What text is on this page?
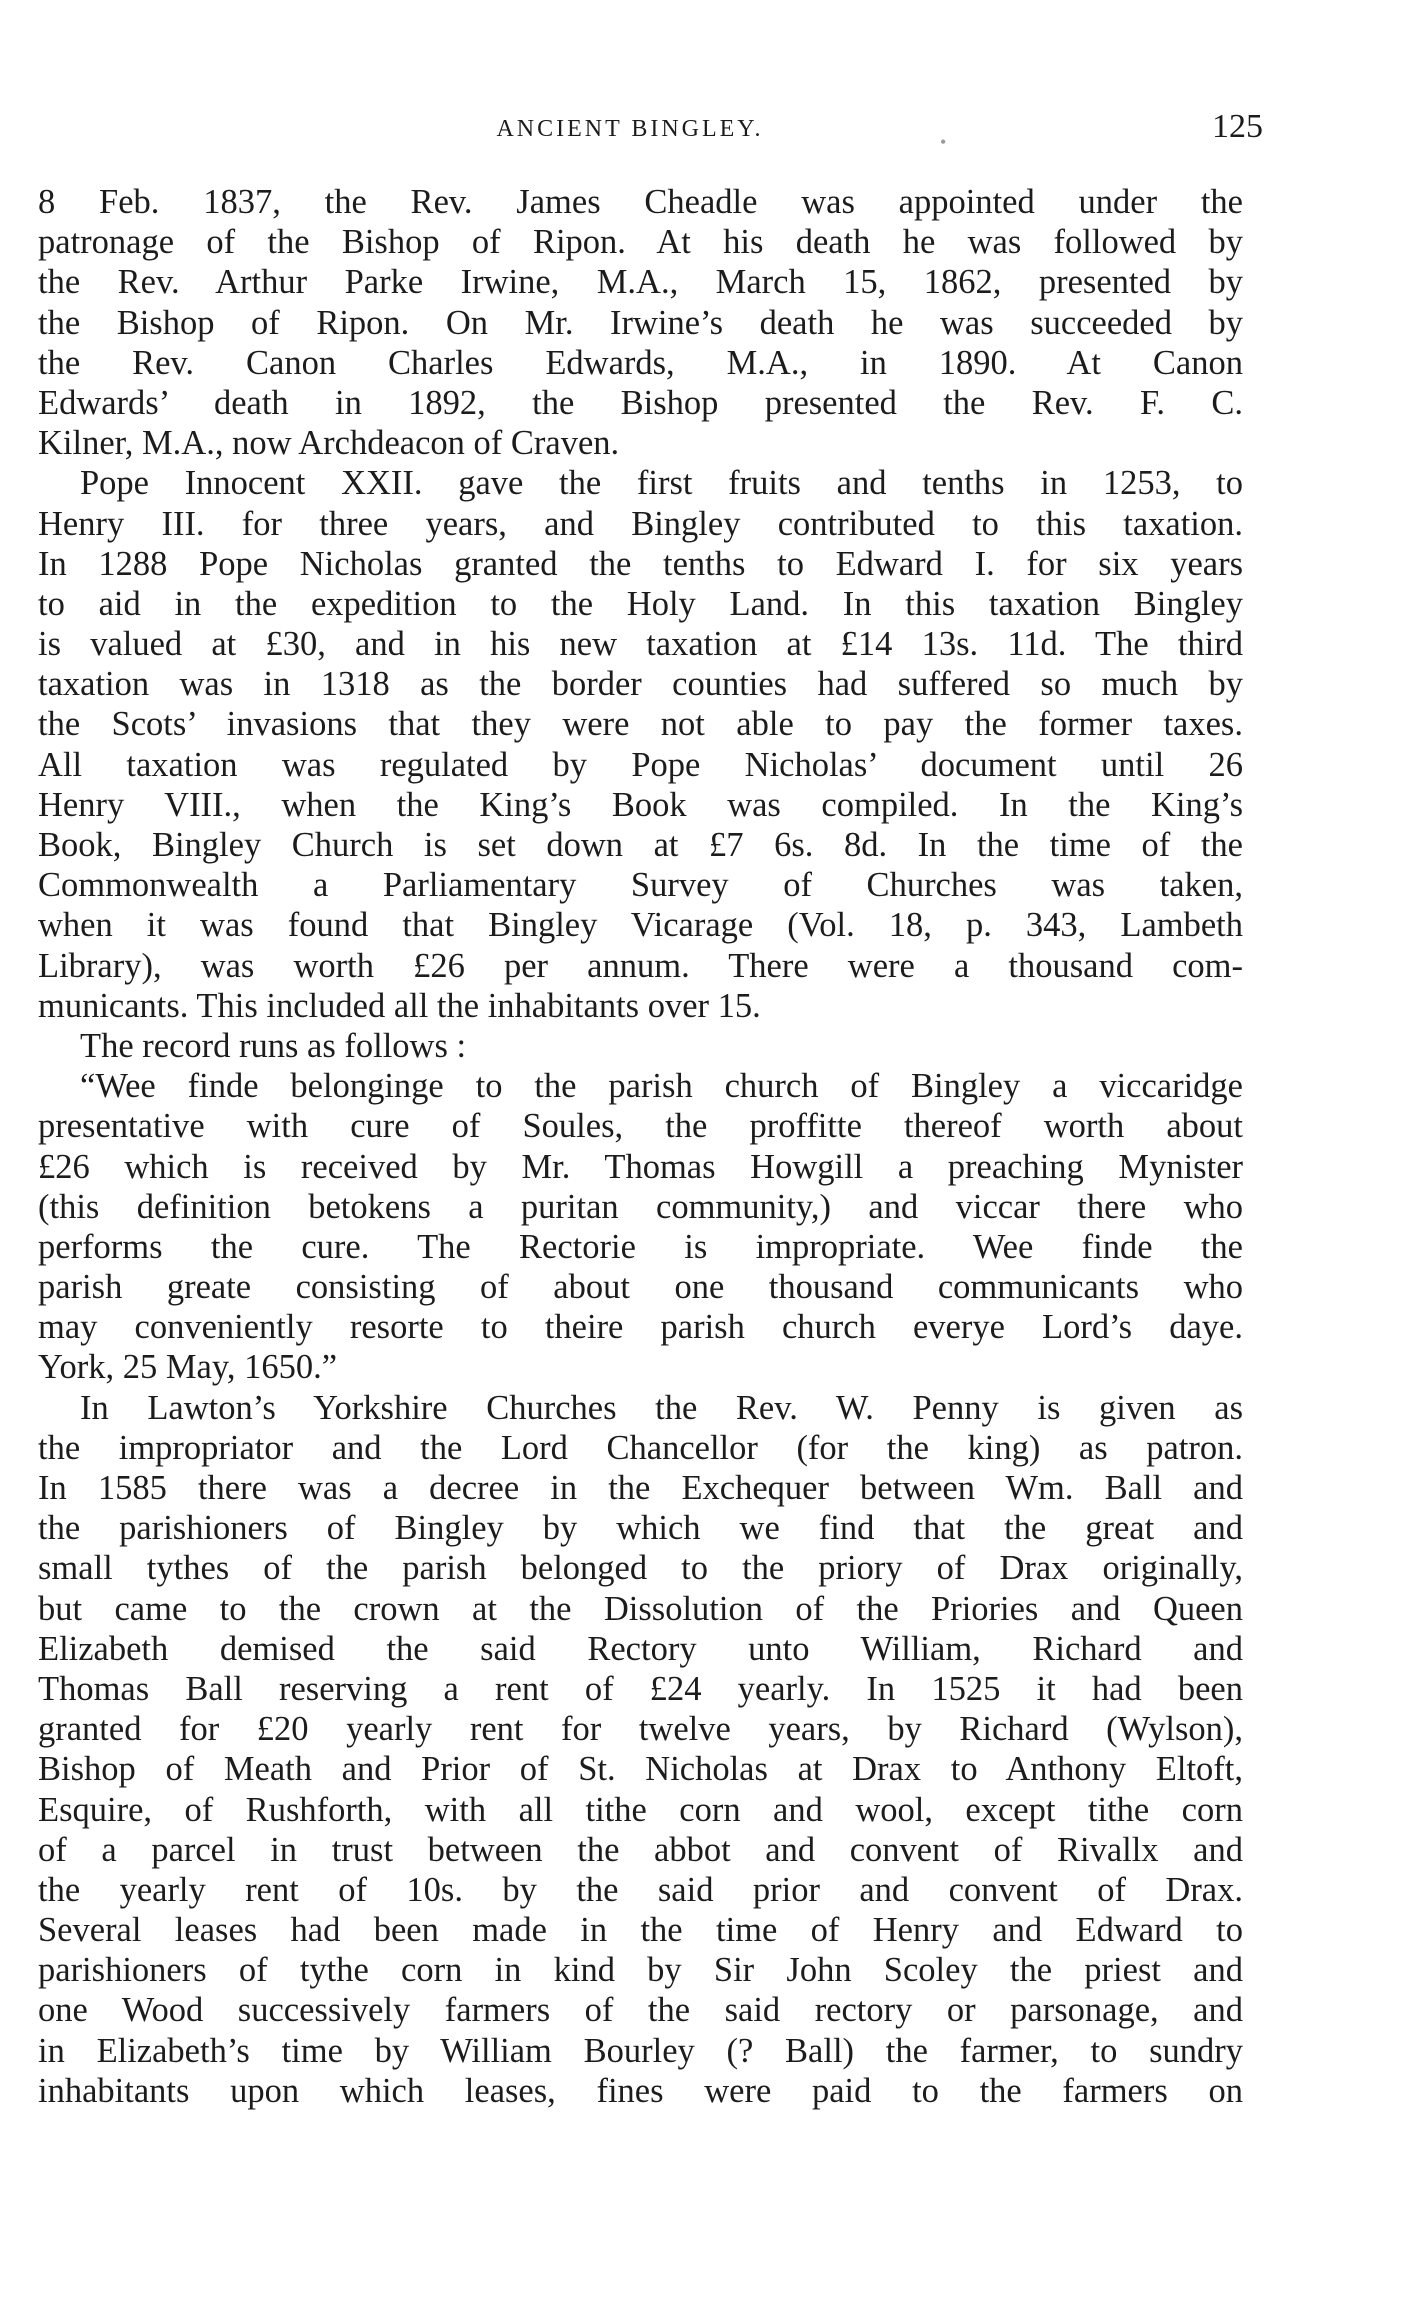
ANCIENT BINGLEY.	125
•
8 Feb. 1837, the Rev. James Cheadle was appointed under the
patronage of the Bishop of Ripon. At his death he was followed by
the Rev. Arthur Parke Irwine, M.A., March 15, 1862, presented by
the Bishop of Ripon. On Mr. Irwine’s death he was succeeded by
the Rev. Canon Charles Edwards, M.A., in 1890. At Canon
Edwards’ death in 1892, the Bishop presented the Rev. F. C.
Kilner, M.A., now Archdeacon of Craven.
Pope Innocent XXII. gave the first fruits and tenths in 1253, to
Henry III. for three years, and Bingley contributed to this taxation.
In 1288 Pope Nicholas granted the tenths to Edward I. for six years
to aid in the expedition to the Holy Land. In this taxation Bingley
is valued at £30, and in his new taxation at £14 13s. 11d. The third
taxation was in 1318 as the border counties had suffered so much by
the Scots’ invasions that they were not able to pay the former taxes.
All taxation was regulated by Pope Nicholas’ document until 26
Henry VIII., when the King’s Book was compiled. In the King’s
Book, Bingley Church is set down at £7 6s. 8d. In the time of the
Commonwealth a Parliamentary Survey of Churches was taken,
when it was found that Bingley Vicarage (Vol. 18, p. 343, Lambeth
Library), was worth £26 per annum. There were a thousand com-
municants. This included all the inhabitants over 15.
The record runs as follows :
“Wee finde belonginge to the parish church of Bingley a viccaridge
presentative with cure of Soules, the proffitte thereof worth about
£26 which is received by Mr. Thomas Howgill a preaching Mynister
(this definition betokens a puritan community,) and viccar there who
performs the cure. The Rectorie is impropriate. Wee finde the
parish greate consisting of about one thousand communicants who
may conveniently resorte to theire parish church everye Lord’s daye.
York, 25 May, 1650.”
In Lawton’s Yorkshire Churches the Rev. W. Penny is given as
the impropriator and the Lord Chancellor (for the king) as patron.
In 1585 there was a decree in the Exchequer between Wm. Ball and
the parishioners of Bingley by which we find that the great and
small tythes of the parish belonged to the priory of Drax originally,
but came to the crown at the Dissolution of the Priories and Queen
Elizabeth demised the said Rectory unto William, Richard and
Thomas Ball reserving a rent of £24 yearly. In 1525 it had been
granted for £20 yearly rent for twelve years, by Richard (Wylson),
Bishop of Meath and Prior of St. Nicholas at Drax to Anthony Eltoft,
Esquire, of Rushforth, with all tithe corn and wool, except tithe corn
of a parcel in trust between the abbot and convent of Rivallx and
the yearly rent of 10s. by the said prior and convent of Drax.
Several leases had been made in the time of Henry and Edward to
parishioners of tythe corn in kind by Sir John Scoley the priest and
one Wood successively farmers of the said rectory or parsonage, and
in Elizabeth’s time by William Bourley (? Ball) the farmer, to sundry
inhabitants upon which leases, fines were paid to the farmers on
